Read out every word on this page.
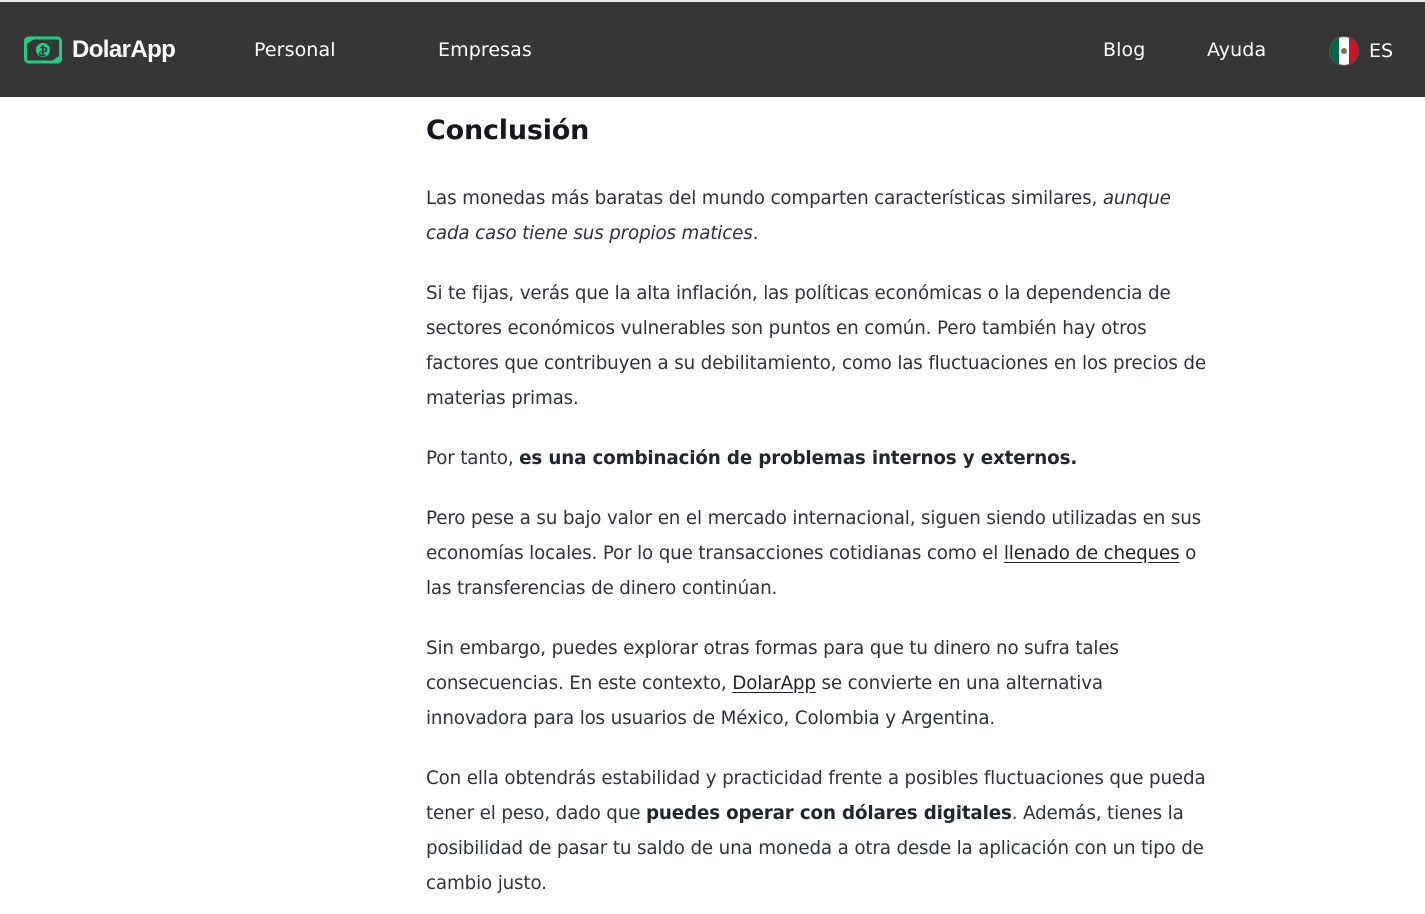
Conclusión

Las monedas más baratas del mundo comparten características similares, aunque cada caso tiene sus propios matices.

Si te fijas, verás que la alta inflación, las políticas económicas o la dependencia de sectores económicos vulnerables son puntos en común. Pero también hay otros factores que contribuyen a su debilitamiento, como las fluctuaciones en los precios de materias primas.

Por tanto, es una combinación de problemas internos y externos.

Pero pese a su bajo valor en el mercado internacional, siguen siendo utilizadas en sus economías locales. Por lo que transacciones cotidianas como el llenado de cheques o las transferencias de dinero continúan.

Sin embargo, puedes explorar otras formas para que tu dinero no sufra tales consecuencias. En este contexto, DolarApp se convierte en una alternativa innovadora para los usuarios de México, Colombia y Argentina.

Con ella obtendrás estabilidad y practicidad frente a posibles fluctuaciones que pueda tener el peso, dado que puedes operar con dólares digitales. Además, tienes la posibilidad de pasar tu saldo de una moneda a otra desde la aplicación con un tipo de cambio justo.

DolarApp	Personal	Empresas	Blog	Ayuda	ES
